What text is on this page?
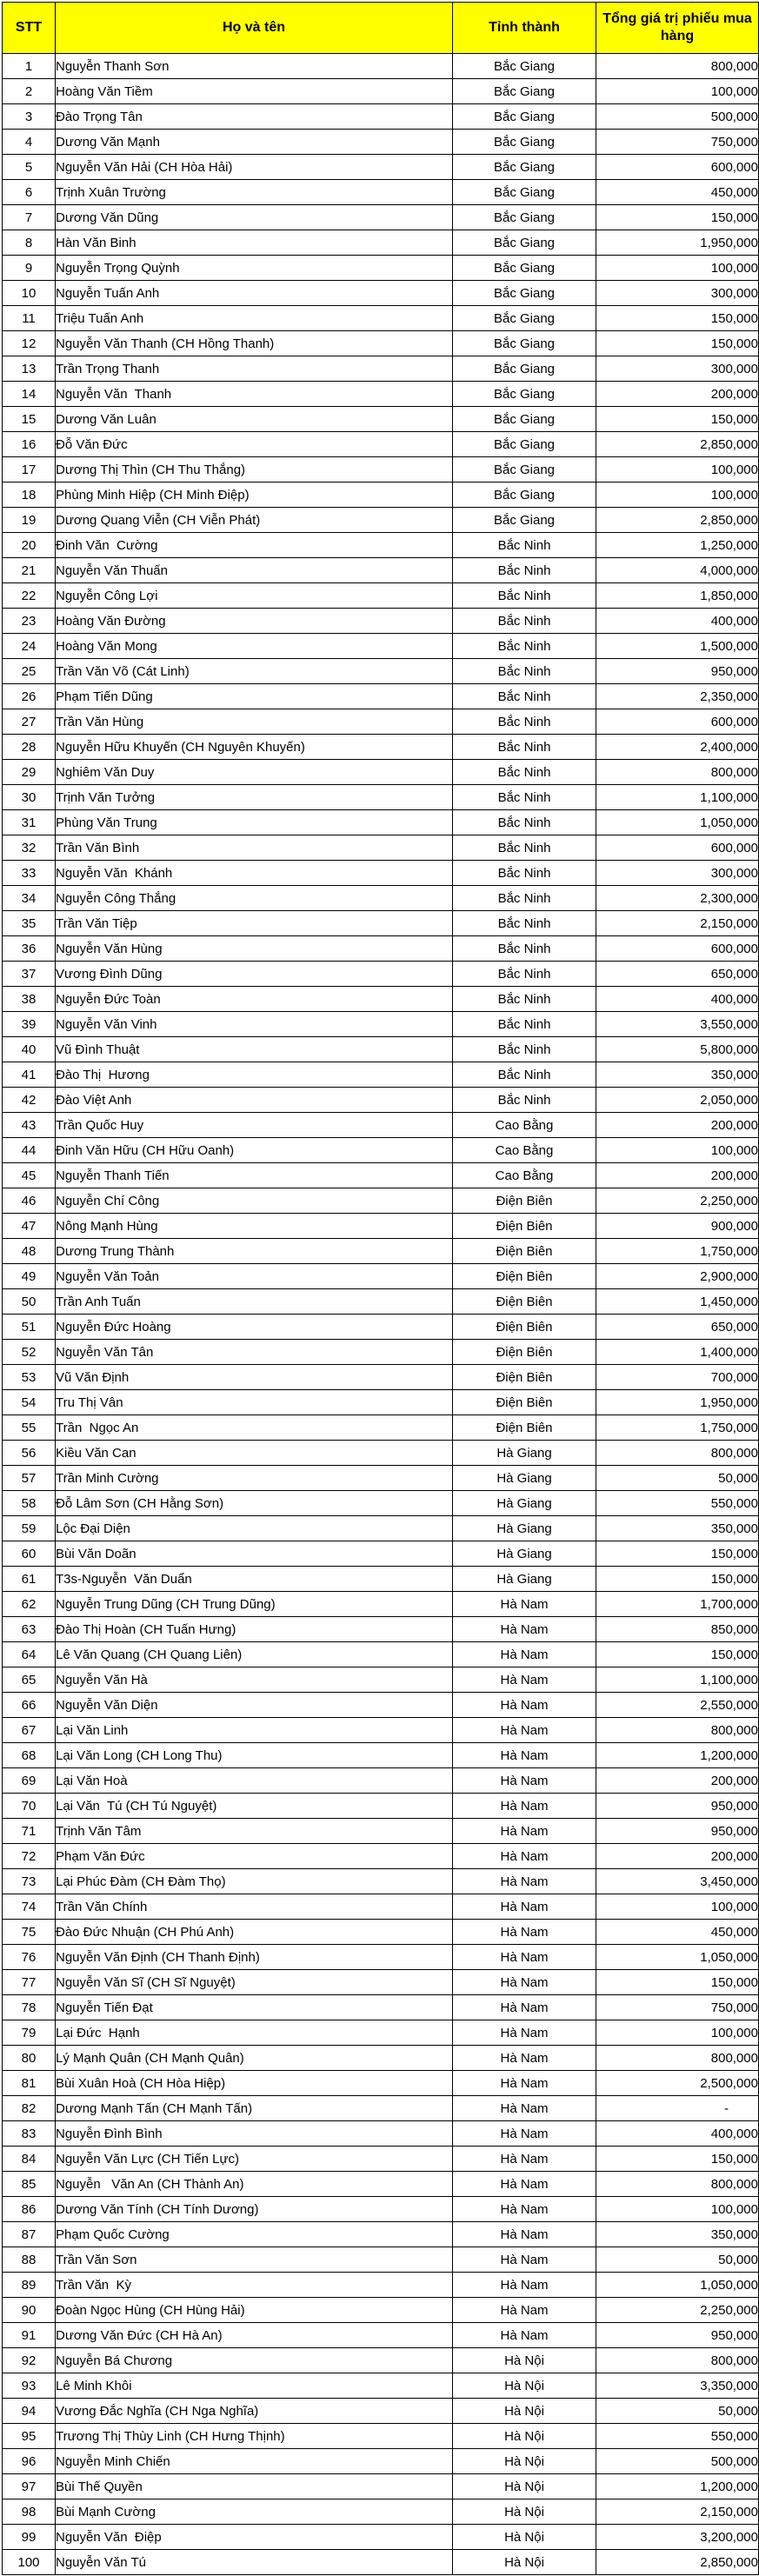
STT	Họ và tên	Tỉnh thành	Tổng giá trị phiếu mua hàng
1	Nguyễn Thanh Sơn	Bắc Giang	800,000
2	Hoàng Văn Tiềm	Bắc Giang	100,000
3	Đào Trọng Tân	Bắc Giang	500,000
4	Dương Văn Mạnh	Bắc Giang	750,000
5	Nguyễn Văn Hải (CH Hòa Hải)	Bắc Giang	600,000
6	Trịnh Xuân Trường	Bắc Giang	450,000
7	Dương Văn Dũng	Bắc Giang	150,000
8	Hàn Văn Binh	Bắc Giang	1,950,000
9	Nguyễn Trọng Quỳnh	Bắc Giang	100,000
10	Nguyễn Tuấn Anh	Bắc Giang	300,000
11	Triệu Tuấn Anh	Bắc Giang	150,000
12	Nguyễn Văn Thanh (CH Hồng Thanh)	Bắc Giang	150,000
13	Trần Trọng Thanh	Bắc Giang	300,000
14	Nguyễn Văn  Thanh	Bắc Giang	200,000
15	Dương Văn Luân	Bắc Giang	150,000
16	Đỗ Văn Đức	Bắc Giang	2,850,000
17	Dương Thị Thìn (CH Thu Thắng)	Bắc Giang	100,000
18	Phùng Minh Hiệp (CH Minh Điệp)	Bắc Giang	100,000
19	Dương Quang Viễn (CH Viễn Phát)	Bắc Giang	2,850,000
20	Đinh Văn  Cường	Bắc Ninh	1,250,000
21	Nguyễn Văn Thuấn	Bắc Ninh	4,000,000
22	Nguyễn Công Lợi	Bắc Ninh	1,850,000
23	Hoàng Văn Đường	Bắc Ninh	400,000
24	Hoàng Văn Mong	Bắc Ninh	1,500,000
25	Trần Văn Võ (Cát Linh)	Bắc Ninh	950,000
26	Phạm Tiến Dũng	Bắc Ninh	2,350,000
27	Trần Văn Hùng	Bắc Ninh	600,000
28	Nguyễn Hữu Khuyến (CH Nguyên Khuyến)	Bắc Ninh	2,400,000
29	Nghiêm Văn Duy	Bắc Ninh	800,000
30	Trịnh Văn Tưởng	Bắc Ninh	1,100,000
31	Phùng Văn Trung	Bắc Ninh	1,050,000
32	Trần Văn Bình	Bắc Ninh	600,000
33	Nguyễn Văn  Khánh	Bắc Ninh	300,000
34	Nguyễn Công Thắng	Bắc Ninh	2,300,000
35	Trần Văn Tiệp	Bắc Ninh	2,150,000
36	Nguyễn Văn Hùng	Bắc Ninh	600,000
37	Vương Đình Dũng	Bắc Ninh	650,000
38	Nguyễn Đức Toàn	Bắc Ninh	400,000
39	Nguyễn Văn Vinh	Bắc Ninh	3,550,000
40	Vũ Đình Thuật	Bắc Ninh	5,800,000
41	Đào Thị  Hương	Bắc Ninh	350,000
42	Đào Việt Anh	Bắc Ninh	2,050,000
43	Trần Quốc Huy	Cao Bằng	200,000
44	Đinh Văn Hữu (CH Hữu Oanh)	Cao Bằng	100,000
45	Nguyễn Thanh Tiến	Cao Bằng	200,000
46	Nguyễn Chí Công	Điện Biên	2,250,000
47	Nông Mạnh Hùng	Điện Biên	900,000
48	Dương Trung Thành	Điện Biên	1,750,000
49	Nguyễn Văn Toản	Điện Biên	2,900,000
50	Trần Anh Tuấn	Điện Biên	1,450,000
51	Nguyễn Đức Hoàng	Điện Biên	650,000
52	Nguyễn Văn Tân	Điện Biên	1,400,000
53	Vũ Văn Định	Điện Biên	700,000
54	Tru Thị Vân	Điện Biên	1,950,000
55	Trần  Ngọc An	Điện Biên	1,750,000
56	Kiều Văn Can	Hà Giang	800,000
57	Trần Minh Cường	Hà Giang	50,000
58	Đỗ Lâm Sơn (CH Hằng Sơn)	Hà Giang	550,000
59	Lộc Đại Diện	Hà Giang	350,000
60	Bùi Văn Doãn	Hà Giang	150,000
61	T3s-Nguyễn  Văn Duẩn	Hà Giang	150,000
62	Nguyễn Trung Dũng (CH Trung Dũng)	Hà Nam	1,700,000
63	Đào Thị Hoàn (CH Tuấn Hưng)	Hà Nam	850,000
64	Lê Văn Quang (CH Quang Liên)	Hà Nam	150,000
65	Nguyễn Văn Hà	Hà Nam	1,100,000
66	Nguyễn Văn Diện	Hà Nam	2,550,000
67	Lại Văn Linh	Hà Nam	800,000
68	Lại Văn Long (CH Long Thu)	Hà Nam	1,200,000
69	Lại Văn Hoà	Hà Nam	200,000
70	Lại Văn  Tú (CH Tú Nguyệt)	Hà Nam	950,000
71	Trịnh Văn Tâm	Hà Nam	950,000
72	Phạm Văn Đức	Hà Nam	200,000
73	Lại Phúc Đàm (CH Đàm Thọ)	Hà Nam	3,450,000
74	Trần Văn Chính	Hà Nam	100,000
75	Đào Đức Nhuận (CH Phú Anh)	Hà Nam	450,000
76	Nguyễn Văn Định (CH Thanh Định)	Hà Nam	1,050,000
77	Nguyễn Văn Sĩ (CH Sĩ Nguyệt)	Hà Nam	150,000
78	Nguyễn Tiến Đạt	Hà Nam	750,000
79	Lại Đức  Hạnh	Hà Nam	100,000
80	Lý Mạnh Quân (CH Mạnh Quân)	Hà Nam	800,000
81	Bùi Xuân Hoà (CH Hòa Hiệp)	Hà Nam	2,500,000
82	Dương Mạnh Tấn (CH Mạnh Tấn)	Hà Nam	-
83	Nguyễn Đình Bình	Hà Nam	400,000
84	Nguyễn Văn Lực (CH Tiến Lực)	Hà Nam	150,000
85	Nguyễn   Văn An (CH Thành An)	Hà Nam	800,000
86	Dương Văn Tính (CH Tính Dương)	Hà Nam	100,000
87	Phạm Quốc Cường	Hà Nam	350,000
88	Trần Văn Sơn	Hà Nam	50,000
89	Trần Văn  Kỳ	Hà Nam	1,050,000
90	Đoàn Ngọc Hùng (CH Hùng Hải)	Hà Nam	2,250,000
91	Dương Văn Đức (CH Hà An)	Hà Nam	950,000
92	Nguyễn Bá Chương	Hà Nội	800,000
93	Lê Minh Khôi	Hà Nội	3,350,000
94	Vương Đắc Nghĩa (CH Nga Nghĩa)	Hà Nội	50,000
95	Trương Thị Thùy Linh (CH Hưng Thịnh)	Hà Nội	550,000
96	Nguyễn Minh Chiến	Hà Nội	500,000
97	Bùi Thế Quyền	Hà Nội	1,200,000
98	Bùi Mạnh Cường	Hà Nội	2,150,000
99	Nguyễn Văn  Điệp	Hà Nội	3,200,000
100	Nguyễn Văn Tú	Hà Nội	2,850,000
